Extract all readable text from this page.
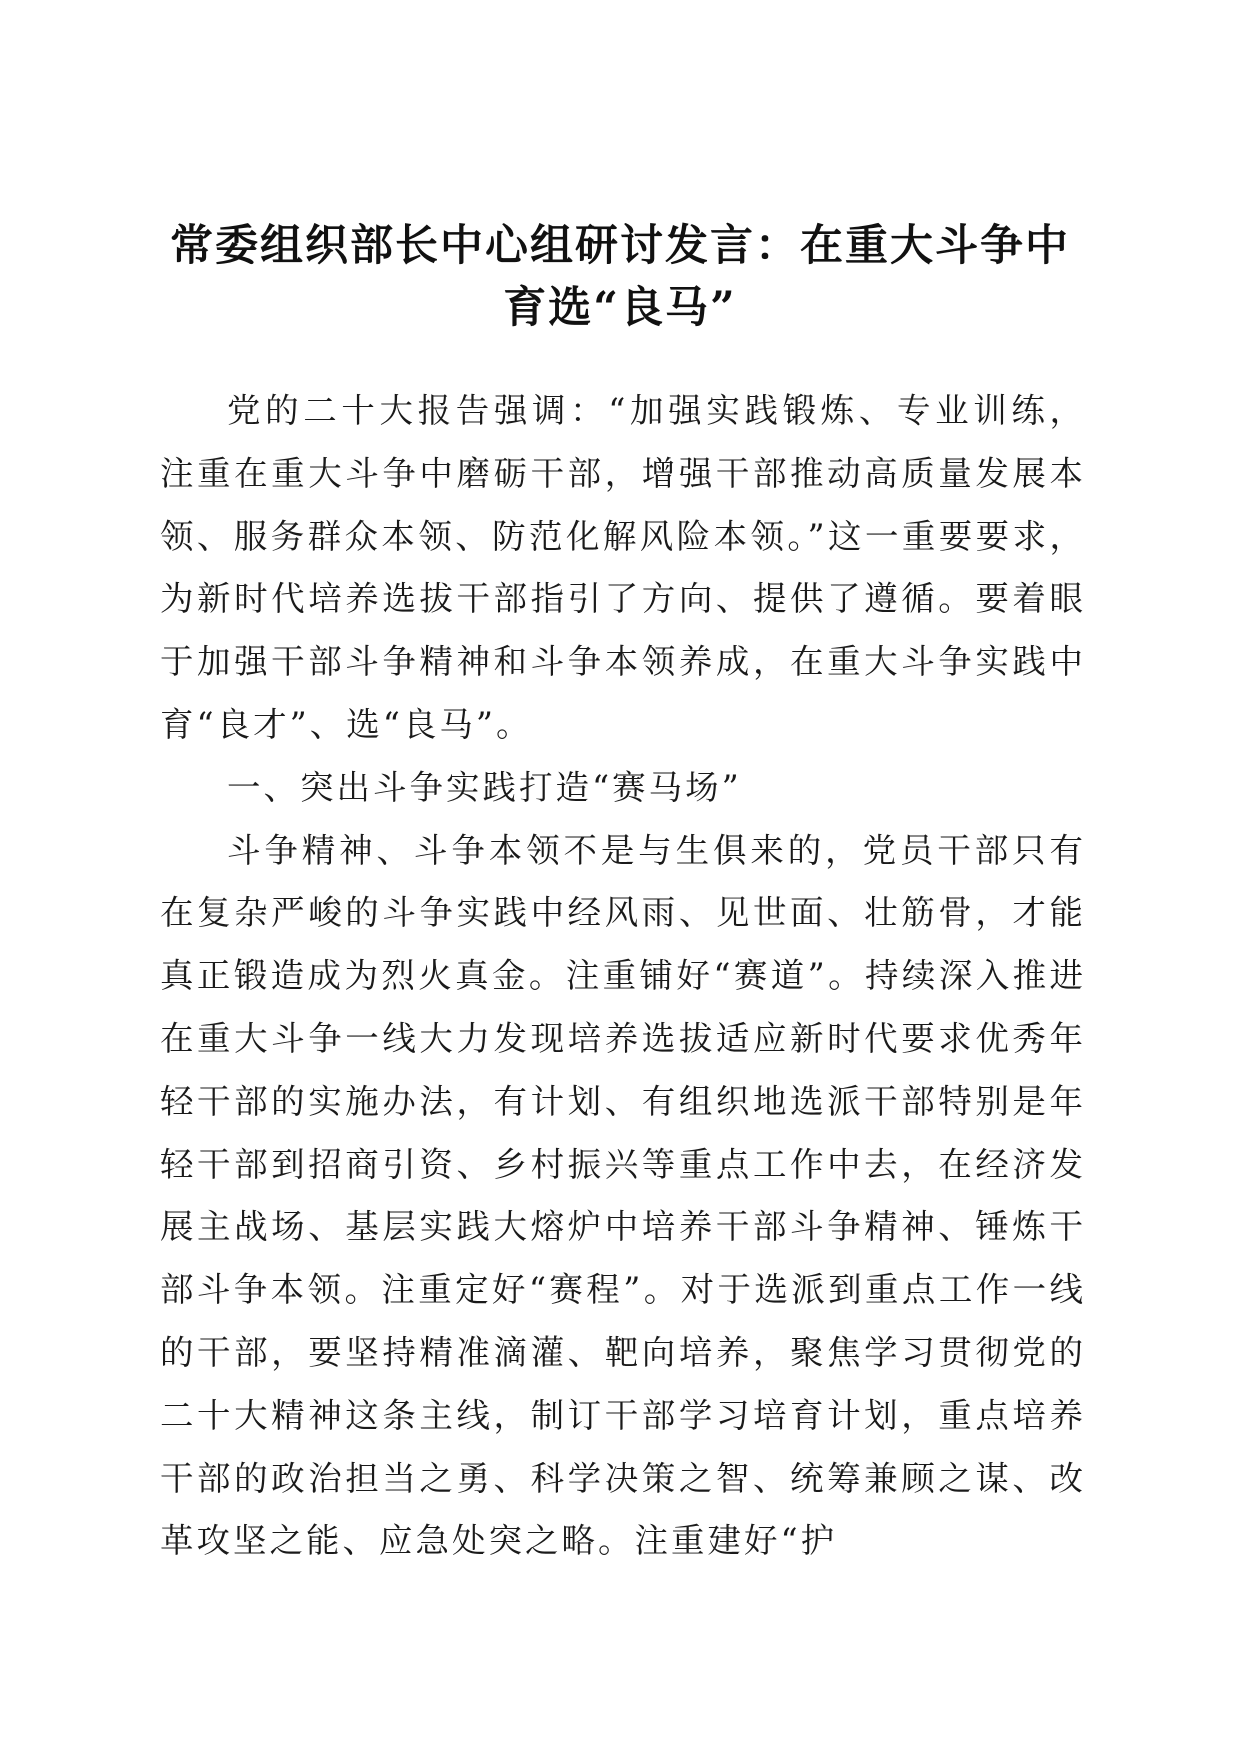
常委组织部长中心组研讨发言：在重大斗争中育选“良马”

党的二十大报告强调：“加强实践锻炼、专业训练，注重在重大斗争中磨砺干部，增强干部推动高质量发展本领、服务群众本领、防范化解风险本领。”这一重要要求，为新时代培养选拔干部指引了方向、提供了遵循。要着眼于加强干部斗争精神和斗争本领养成，在重大斗争实践中育“良才”、选“良马”。

一、突出斗争实践打造“赛马场”

斗争精神、斗争本领不是与生俱来的，党员干部只有在复杂严峻的斗争实践中经风雨、见世面、壮筋骨，才能真正锻造成为烈火真金。注重铺好“赛道”。持续深入推进在重大斗争一线大力发现培养选拔适应新时代要求优秀年轻干部的实施办法，有计划、有组织地选派干部特别是年轻干部到招商引资、乡村振兴等重点工作中去，在经济发展主战场、基层实践大熔炉中培养干部斗争精神、锤炼干部斗争本领。注重定好“赛程”。对于选派到重点工作一线的干部，要坚持精准滴灌、靶向培养，聚焦学习贯彻党的二十大精神这条主线，制订干部学习培育计划，重点培养干部的政治担当之勇、科学决策之智、统筹兼顾之谋、改革攻坚之能、应急处突之略。注重建好“护
